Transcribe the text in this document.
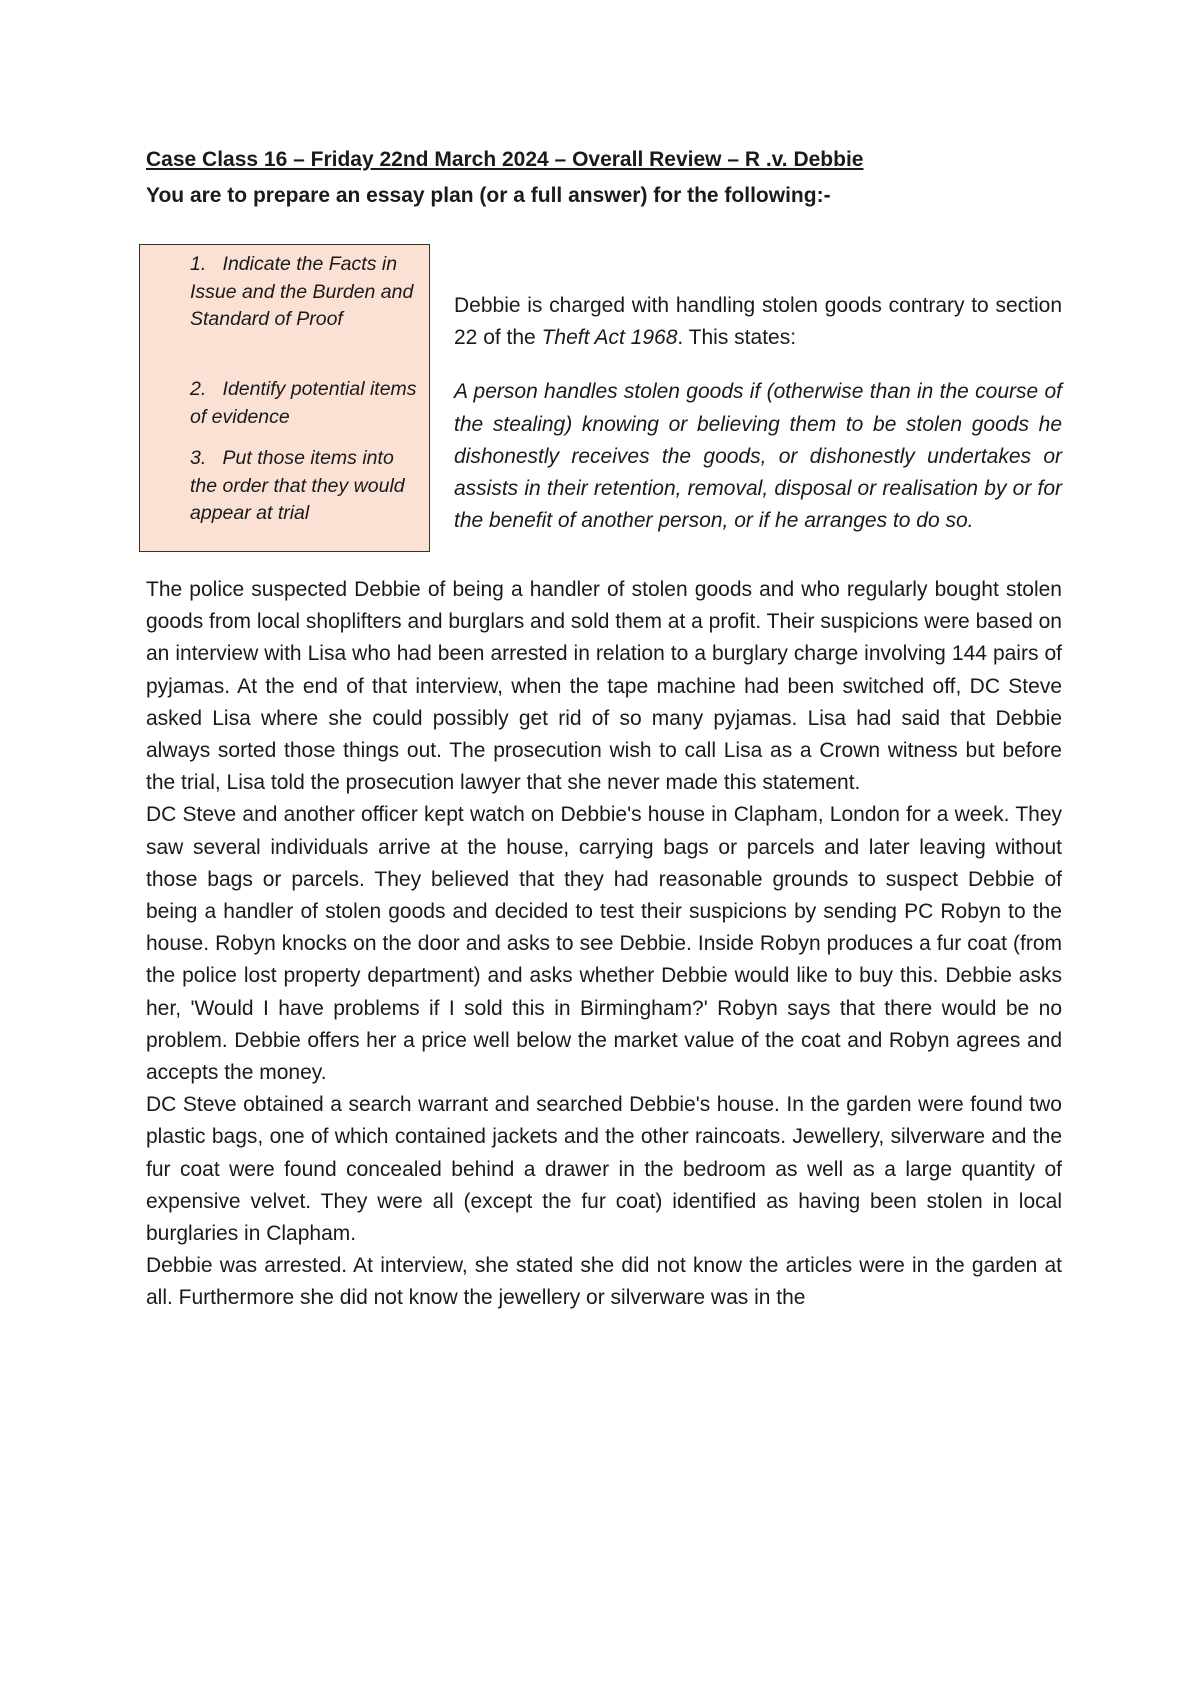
Case Class 16 – Friday 22nd March 2024 – Overall Review – R .v. Debbie
You are to prepare an essay plan (or a full answer) for the following:-
1. Indicate the Facts in Issue and the Burden and Standard of Proof
2. Identify potential items of evidence
3. Put those items into the order that they would appear at trial

Debbie is charged with handling stolen goods contrary to section 22 of the Theft Act 1968. This states:

A person handles stolen goods if (otherwise than in the course of the stealing) knowing or believing them to be stolen goods he dishonestly receives the goods, or dishonestly undertakes or assists in their retention, removal, disposal or realisation by or for the benefit of another person, or if he arranges to do so.

The police suspected Debbie of being a handler of stolen goods and who regularly bought stolen goods from local shoplifters and burglars and sold them at a profit. Their suspicions were based on an interview with Lisa who had been arrested in relation to a burglary charge involving 144 pairs of pyjamas. At the end of that interview, when the tape machine had been switched off, DC Steve asked Lisa where she could possibly get rid of so many pyjamas. Lisa had said that Debbie always sorted those things out. The prosecution wish to call Lisa as a Crown witness but before the trial, Lisa told the prosecution lawyer that she never made this statement.

DC Steve and another officer kept watch on Debbie's house in Clapham, London for a week. They saw several individuals arrive at the house, carrying bags or parcels and later leaving without those bags or parcels. They believed that they had reasonable grounds to suspect Debbie of being a handler of stolen goods and decided to test their suspicions by sending PC Robyn to the house. Robyn knocks on the door and asks to see Debbie. Inside Robyn produces a fur coat (from the police lost property department) and asks whether Debbie would like to buy this. Debbie asks her, 'Would I have problems if I sold this in Birmingham?' Robyn says that there would be no problem. Debbie offers her a price well below the market value of the coat and Robyn agrees and accepts the money.

DC Steve obtained a search warrant and searched Debbie's house. In the garden were found two plastic bags, one of which contained jackets and the other raincoats. Jewellery, silverware and the fur coat were found concealed behind a drawer in the bedroom as well as a large quantity of expensive velvet. They were all (except the fur coat) identified as having been stolen in local burglaries in Clapham.

Debbie was arrested. At interview, she stated she did not know the articles were in the garden at all. Furthermore she did not know the jewellery or silverware was in the
